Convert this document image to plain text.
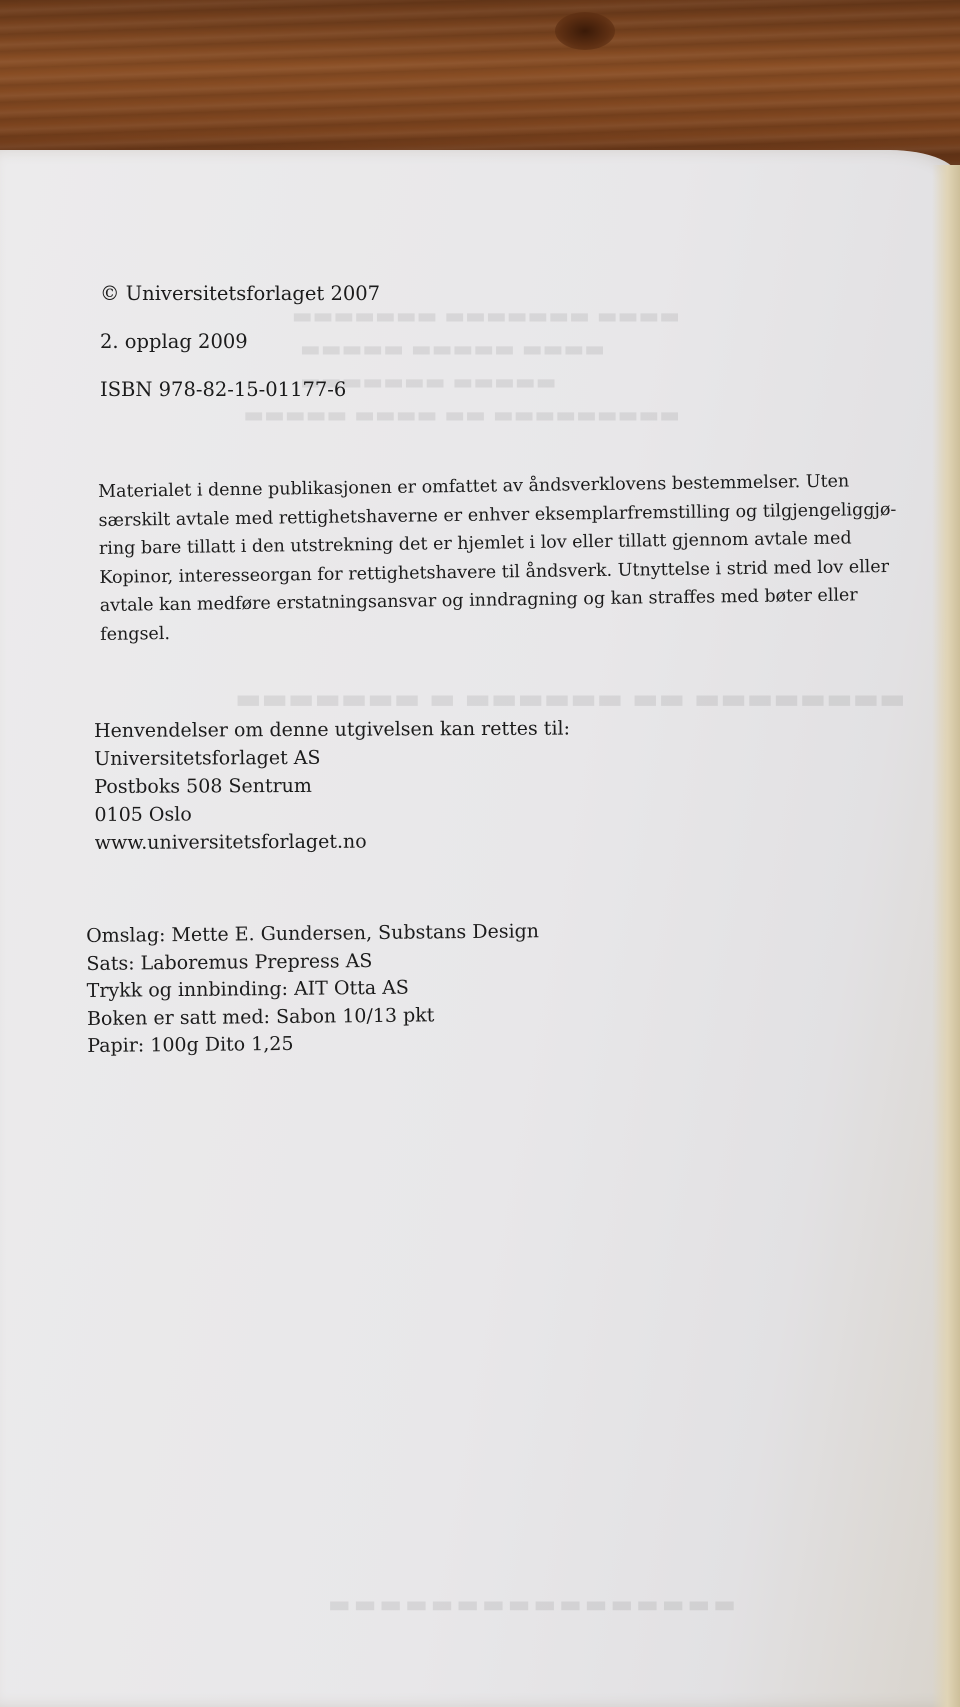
▬▬▬▬ ▬▬▬▬▬▬▬ ▬▬▬▬▬▬▬
▬▬▬▬ ▬▬▬▬▬ ▬▬▬▬▬
▬▬▬▬▬ ▬▬▬▬▬▬▬
▬▬▬▬▬▬▬▬▬ ▬▬ ▬▬▬▬ ▬▬▬▬▬
▬▬▬▬▬▬▬▬ ▬▬ ▬▬▬▬▬▬ ▬ ▬▬▬▬▬▬▬
▬▬▬▬▬▬▬▬▬▬▬▬▬▬▬▬
© Universitetsforlaget 2007
2. opplag 2009
ISBN 978-82-15-01177-6
Materialet i denne publikasjonen er omfattet av åndsverklovens bestemmelser. Uten
særskilt avtale med rettighetshaverne er enhver eksemplarfremstilling og tilgjengeliggjø-
ring bare tillatt i den utstrekning det er hjemlet i lov eller tillatt gjennom avtale med
Kopinor, interesseorgan for rettighetshavere til åndsverk. Utnyttelse i strid med lov eller
avtale kan medføre erstatningsansvar og inndragning og kan straffes med bøter eller
fengsel.
Henvendelser om denne utgivelsen kan rettes til:
Universitetsforlaget AS
Postboks 508 Sentrum
0105 Oslo
www.universitetsforlaget.no
Omslag: Mette E. Gundersen, Substans Design
Sats: Laboremus Prepress AS
Trykk og innbinding: AIT Otta AS
Boken er satt med: Sabon 10/13 pkt
Papir: 100g Dito 1,25
